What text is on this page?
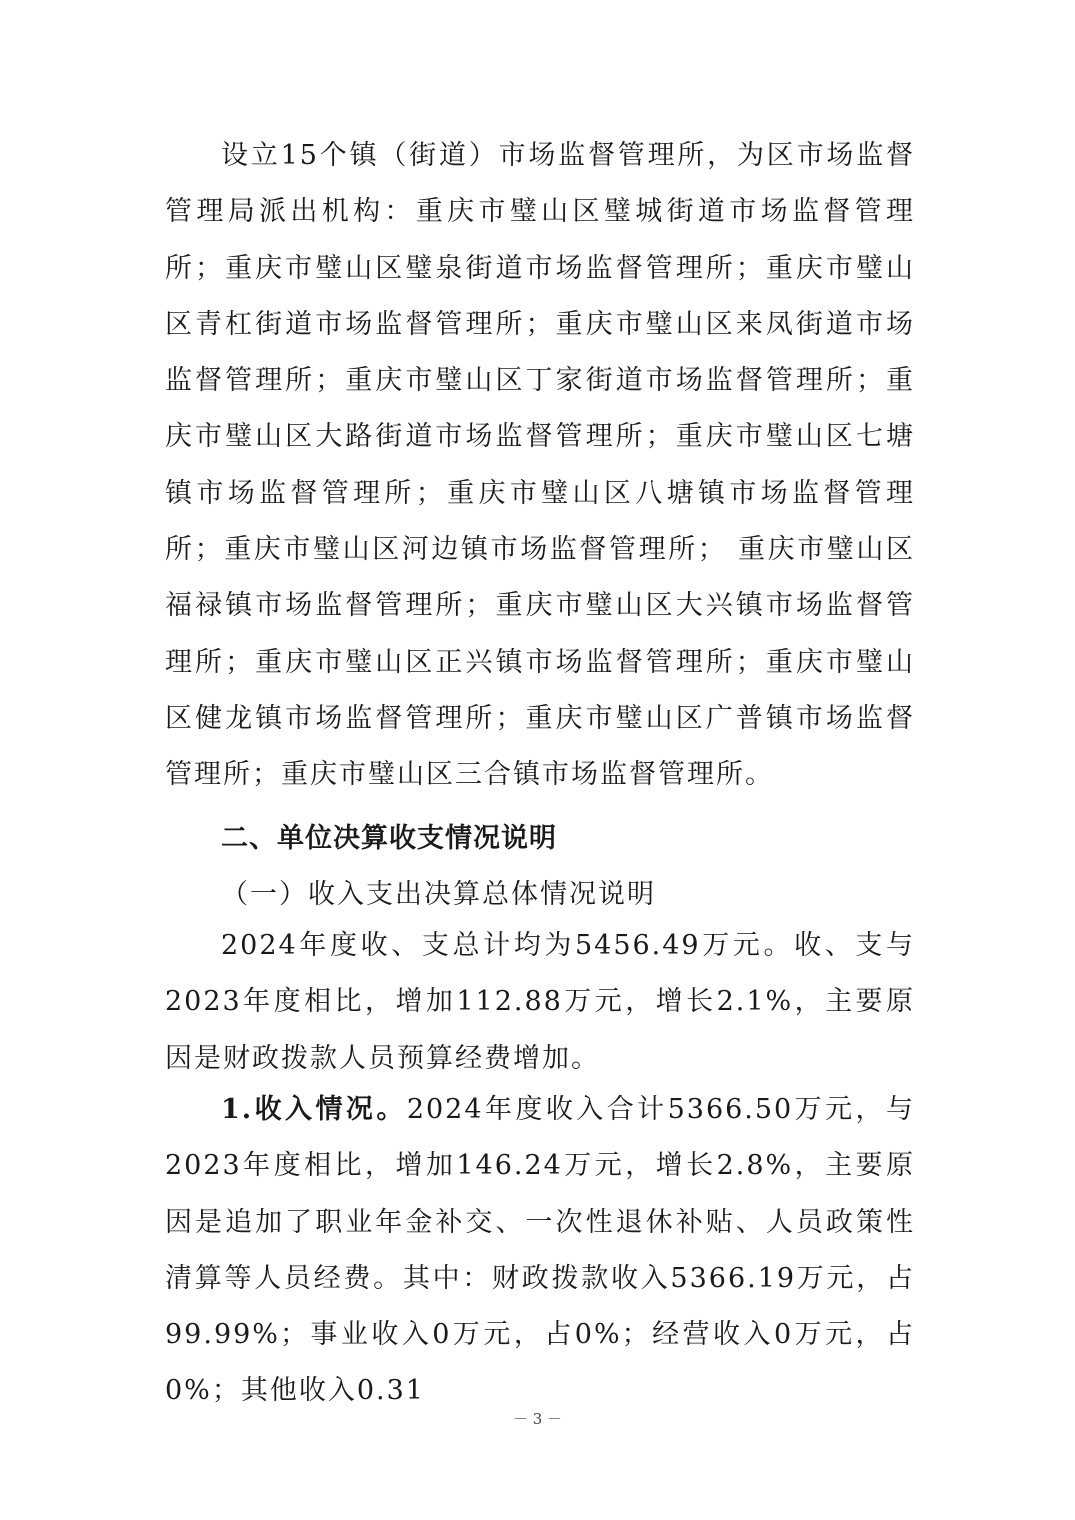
设立15个镇（街道）市场监督管理所，为区市场监督管理局派出机构：重庆市璧山区璧城街道市场监督管理所；重庆市璧山区璧泉街道市场监督管理所；重庆市璧山区青杠街道市场监督管理所；重庆市璧山区来凤街道市场监督管理所；重庆市璧山区丁家街道市场监督管理所；重庆市璧山区大路街道市场监督管理所；重庆市璧山区七塘镇市场监督管理所；重庆市璧山区八塘镇市场监督管理所；重庆市璧山区河边镇市场监督管理所； 重庆市璧山区福禄镇市场监督管理所；重庆市璧山区大兴镇市场监督管理所；重庆市璧山区正兴镇市场监督管理所；重庆市璧山区健龙镇市场监督管理所；重庆市璧山区广普镇市场监督管理所；重庆市璧山区三合镇市场监督管理所。

二、单位决算收支情况说明

（一）收入支出决算总体情况说明

2024年度收、支总计均为5456.49万元。收、支与2023年度相比，增加112.88万元，增长2.1%，主要原因是财政拨款人员预算经费增加。

1.收入情况。2024年度收入合计5366.50万元，与2023年度相比，增加146.24万元，增长2.8%，主要原因是追加了职业年金补交、一次性退休补贴、人员政策性清算等人员经费。其中：财政拨款收入5366.19万元，占99.99%；事业收入0万元，占0%；经营收入0万元，占0%；其他收入0.31

－ 3 －
